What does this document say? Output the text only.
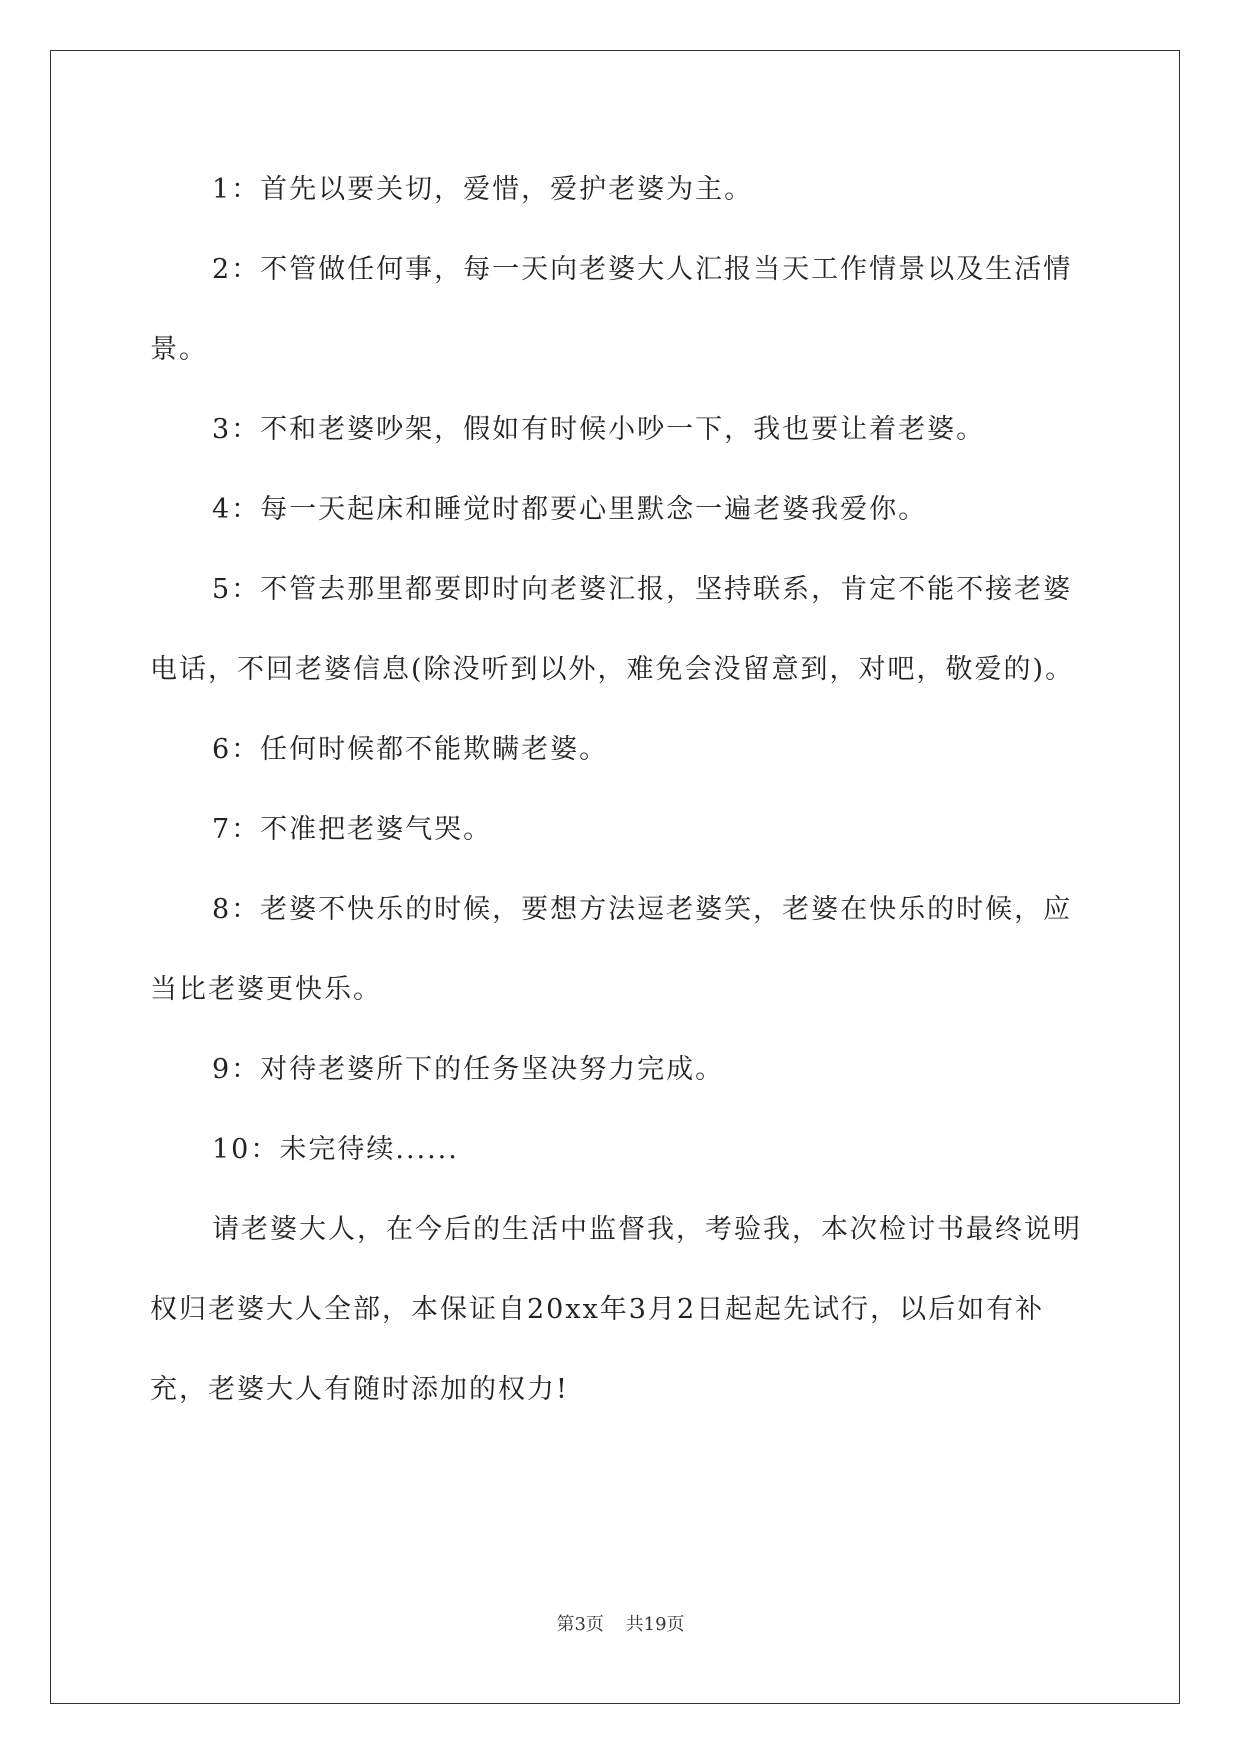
1：首先以要关切，爱惜，爱护老婆为主。

2：不管做任何事，每一天向老婆大人汇报当天工作情景以及生活情景。

3：不和老婆吵架，假如有时候小吵一下，我也要让着老婆。

4：每一天起床和睡觉时都要心里默念一遍老婆我爱你。

5：不管去那里都要即时向老婆汇报，坚持联系，肯定不能不接老婆电话，不回老婆信息(除没听到以外，难免会没留意到，对吧，敬爱的)。

6：任何时候都不能欺瞒老婆。

7：不准把老婆气哭。

8：老婆不快乐的时候，要想方法逗老婆笑，老婆在快乐的时候，应当比老婆更快乐。

9：对待老婆所下的任务坚决努力完成。

10：未完待续......

请老婆大人，在今后的生活中监督我，考验我，本次检讨书最终说明权归老婆大人全部，本保证自20xx年3月2日起起先试行，以后如有补充，老婆大人有随时添加的权力!

第3页 共19页
